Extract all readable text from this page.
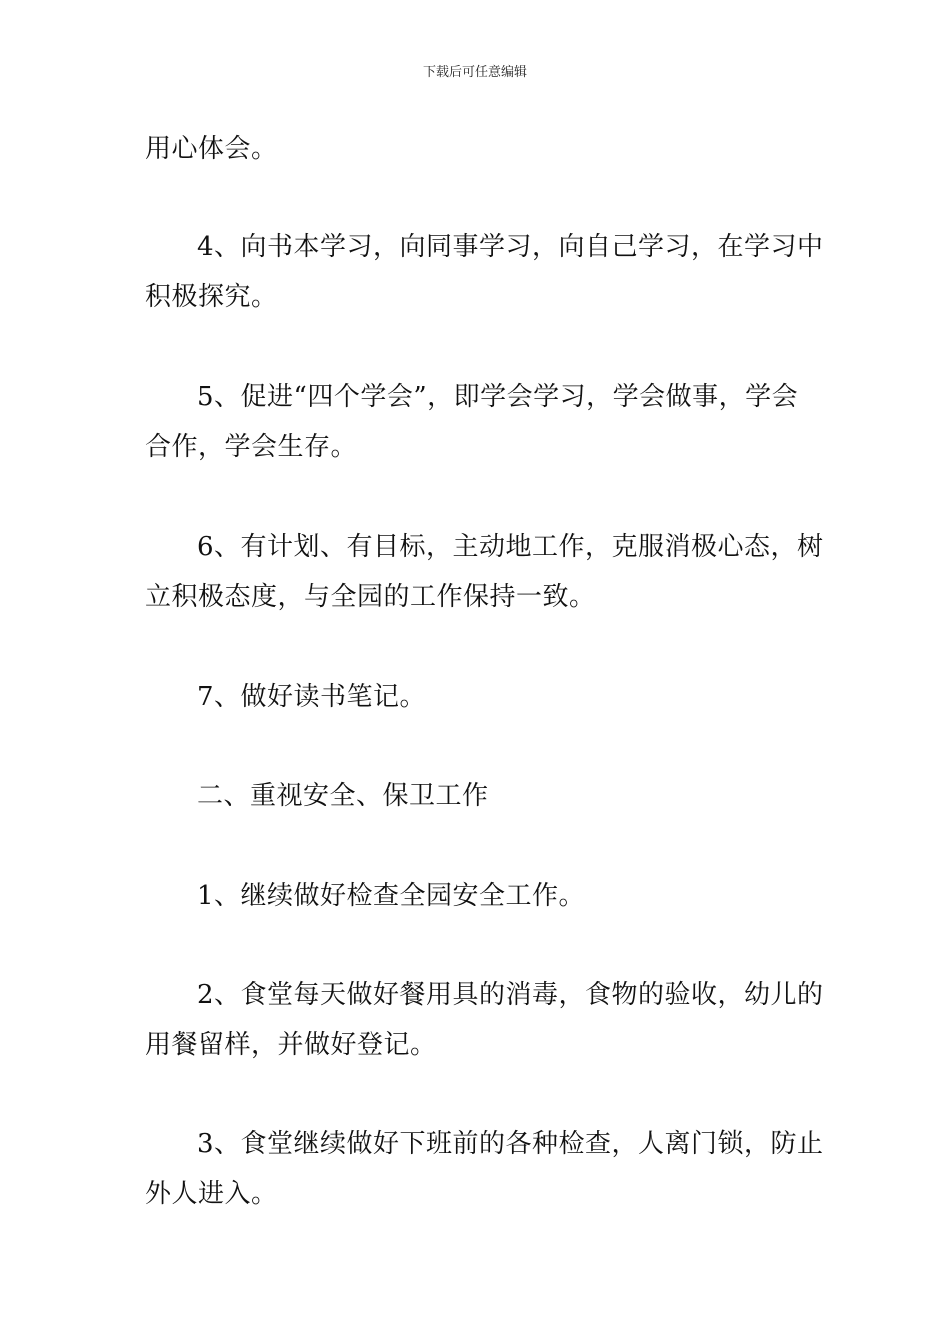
下载后可任意编辑

用心体会。

4、向书本学习，向同事学习，向自己学习，在学习中
积极探究。

5、促进“四个学会”，即学会学习，学会做事，学会
合作，学会生存。

6、有计划、有目标，主动地工作，克服消极心态，树
立积极态度，与全园的工作保持一致。

7、做好读书笔记。

二、重视安全、保卫工作

1、继续做好检查全园安全工作。

2、食堂每天做好餐用具的消毒，食物的验收，幼儿的
用餐留样，并做好登记。

3、食堂继续做好下班前的各种检查，人离门锁，防止
外人进入。
